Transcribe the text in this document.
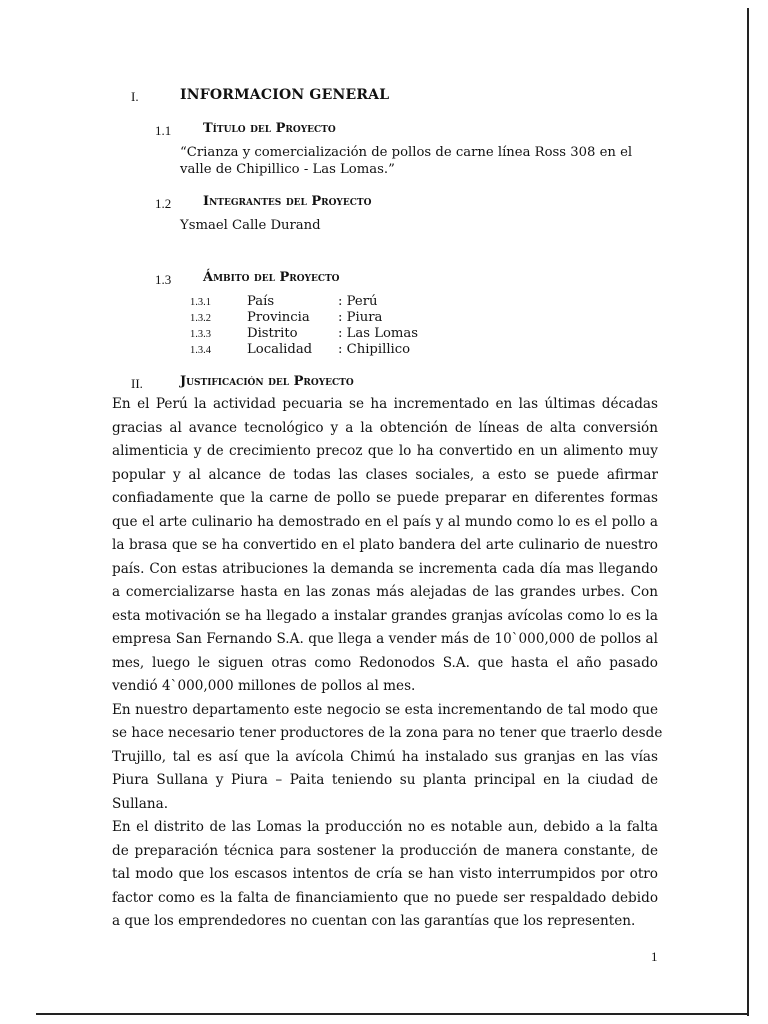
I.	INFORMACION GENERAL
1.1 Título del Proyecto
“Crianza y comercialización de pollos de carne línea Ross 308 en el
valle de Chipillico - Las Lomas.”
1.2 Integrantes del Proyecto
Ysmael Calle Durand
1.3 Ámbito del Proyecto
1.3.1	País	: Perú
1.3.2	Provincia : Piura
1.3.3	Distrito	: Las Lomas
1.3.4	Localidad : Chipillico
II.	Justificación del Proyecto
En el Perú la actividad pecuaria se ha incrementado en las últimas décadas
gracias al avance tecnológico y a la obtención de líneas de alta conversión
alimenticia y de crecimiento precoz que lo ha convertido en un alimento muy
popular y al alcance de todas las clases sociales, a esto se puede afirmar
confiadamente que la carne de pollo se puede preparar en diferentes formas
que el arte culinario ha demostrado en el país y al mundo como lo es el pollo a
la brasa que se ha convertido en el plato bandera del arte culinario de nuestro
país. Con estas atribuciones la demanda se incrementa cada día mas llegando
a comercializarse hasta en las zonas más alejadas de las grandes urbes. Con
esta motivación se ha llegado a instalar grandes granjas avícolas como lo es la
empresa San Fernando S.A. que llega a vender más de 10`000,000 de pollos al
mes, luego le siguen otras como Redonodos S.A. que hasta el año pasado
vendió 4`000,000 millones de pollos al mes.
En nuestro departamento este negocio se esta incrementando de tal modo que
se hace necesario tener productores de la zona para no tener que traerlo desde
Trujillo, tal es así que la avícola Chimú ha instalado sus granjas en las vías
Piura Sullana y Piura – Paita teniendo su planta principal en la ciudad de
Sullana.
En el distrito de las Lomas la producción no es notable aun, debido a la falta
de preparación técnica para sostener la producción de manera constante, de
tal modo que los escasos intentos de cría se han visto interrumpidos por otro
factor como es la falta de financiamiento que no puede ser respaldado debido
a que los emprendedores no cuentan con las garantías que los representen.
1
